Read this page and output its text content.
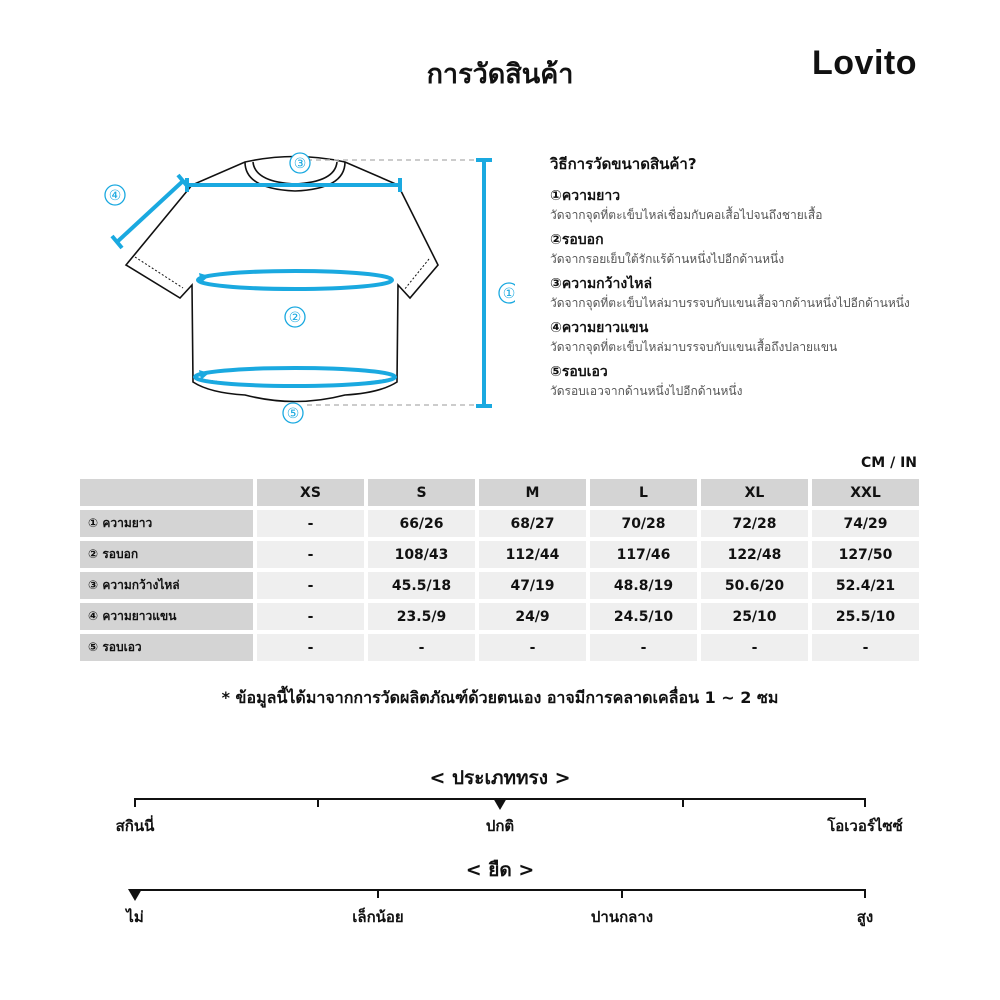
การวัดสินค้า	Lovito
①
②
③
④
⑤
วิธีการวัดขนาดสินค้า?
①ความยาว
วัดจากจุดที่ตะเข็บไหล่เชื่อมกับคอเสื้อไปจนถึงชายเสื้อ
②รอบอก
วัดจากรอยเย็บใต้รักแร้ด้านหนึ่งไปอีกด้านหนึ่ง
③ความกว้างไหล่
วัดจากจุดที่ตะเข็บไหล่มาบรรจบกับแขนเสื้อจากด้านหนึ่งไปอีกด้านหนึ่ง
④ความยาวแขน
วัดจากจุดที่ตะเข็บไหล่มาบรรจบกับแขนเสื้อถึงปลายแขน
⑤รอบเอว
วัดรอบเอวจากด้านหนึ่งไปอีกด้านหนึ่ง
CM / IN
	XS	S	M	L	XL	XXL
① ความยาว	-	66/26	68/27	70/28	72/28	74/29
② รอบอก	-	108/43	112/44	117/46	122/48	127/50
③ ความกว้างไหล่	-	45.5/18	47/19	48.8/19	50.6/20	52.4/21
④ ความยาวแขน	-	23.5/9	24/9	24.5/10	25/10	25.5/10
⑤ รอบเอว	-	-	-	-	-	-
* ข้อมูลนี้ได้มาจากการวัดผลิตภัณฑ์ด้วยตนเอง อาจมีการคลาดเคลื่อน 1 ~ 2 ซม
< ประเภททรง >
สกินนี่	ปกติ	โอเวอร์ไซซ์
< ยืด >
ไม่	เล็กน้อย	ปานกลาง	สูง
